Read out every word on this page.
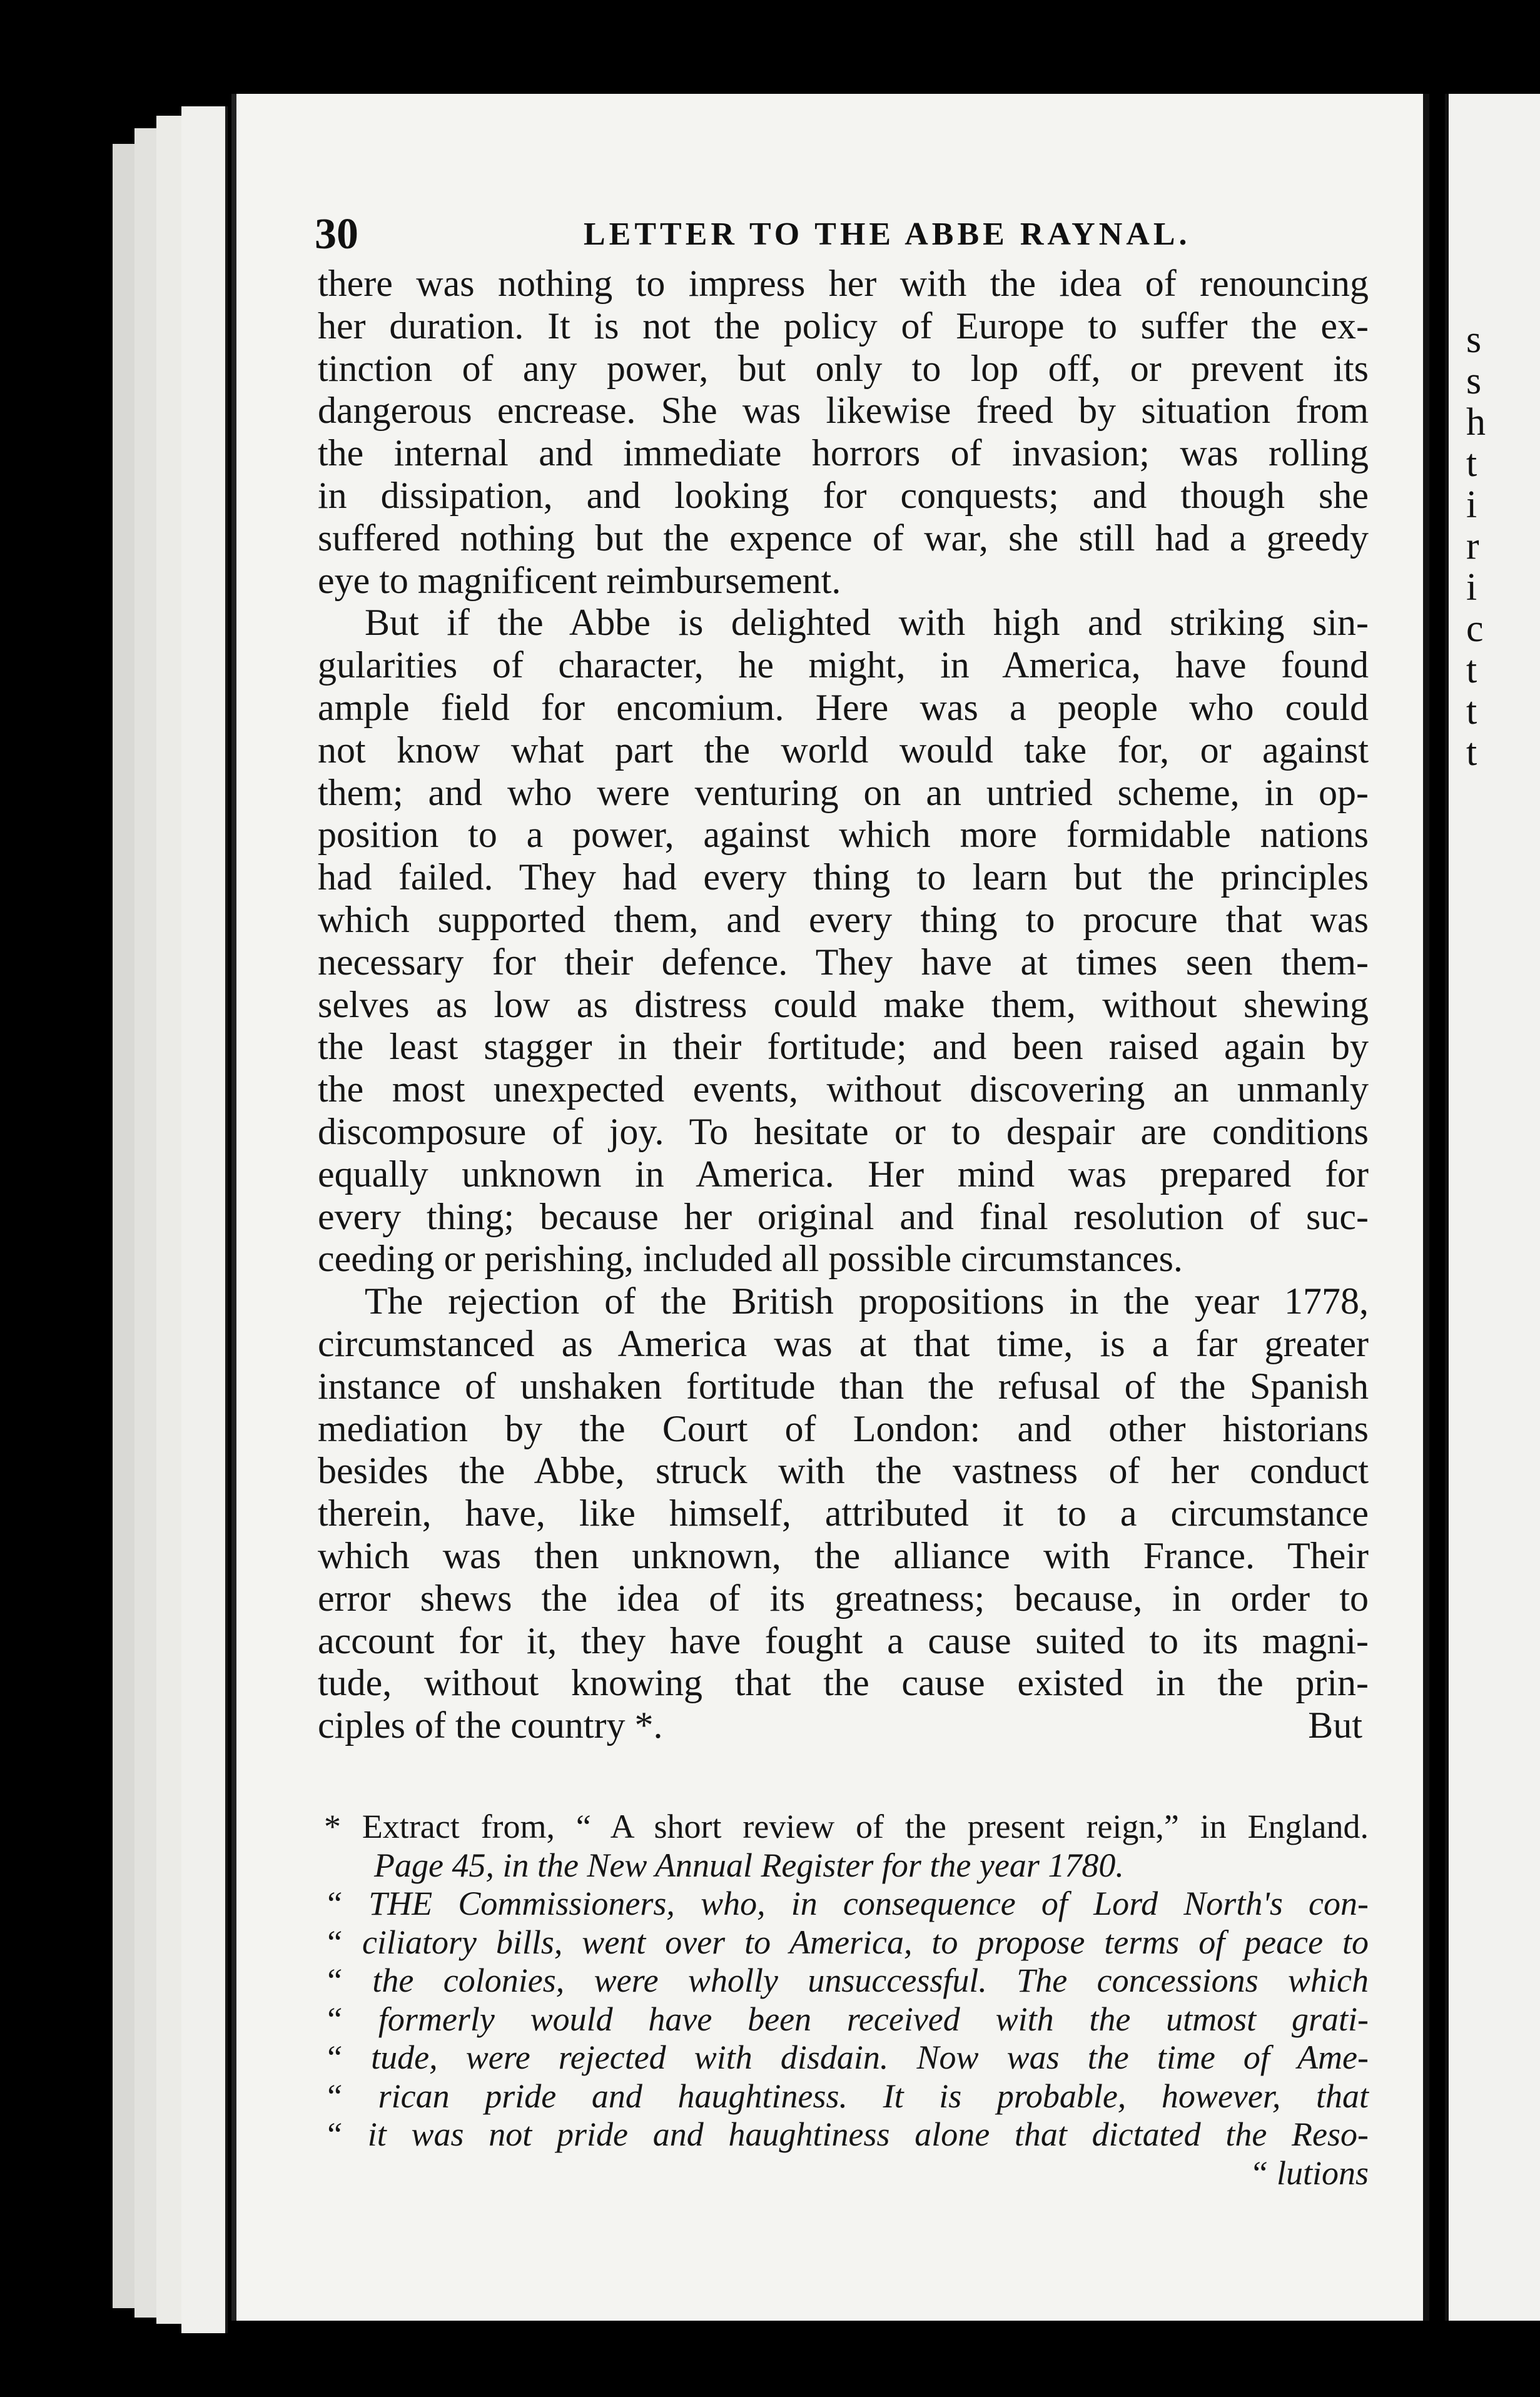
30	LETTER TO THE ABBE RAYNAL.
there was nothing to impress her with the idea of renouncing
her duration. It is not the policy of Europe to suffer the ex-
tinction of any power, but only to lop off, or prevent its
dangerous encrease. She was likewise freed by situation from
the internal and immediate horrors of invasion; was rolling
in dissipation, and looking for conquests; and though she
suffered nothing but the expence of war, she still had a greedy
eye to magnificent reimbursement.
But if the Abbe is delighted with high and striking sin-
gularities of character, he might, in America, have found
ample field for encomium. Here was a people who could
not know what part the world would take for, or against
them; and who were venturing on an untried scheme, in op-
position to a power, against which more formidable nations
had failed. They had every thing to learn but the principles
which supported them, and every thing to procure that was
necessary for their defence. They have at times seen them-
selves as low as distress could make them, without shewing
the least stagger in their fortitude; and been raised again by
the most unexpected events, without discovering an unmanly
discomposure of joy. To hesitate or to despair are conditions
equally unknown in America. Her mind was prepared for
every thing; because her original and final resolution of suc-
ceeding or perishing, included all possible circumstances.
The rejection of the British propositions in the year 1778,
circumstanced as America was at that time, is a far greater
instance of unshaken fortitude than the refusal of the Spanish
mediation by the Court of London: and other historians
besides the Abbe, struck with the vastness of her conduct
therein, have, like himself, attributed it to a circumstance
which was then unknown, the alliance with France. Their
error shews the idea of its greatness; because, in order to
account for it, they have fought a cause suited to its magni-
tude, without knowing that the cause existed in the prin-
ciples of the country *.	But
* Extract from, “ A short review of the present reign,” in England.
Page 45, in the New Annual Register for the year 1780.
“ THE Commissioners, who, in consequence of Lord North's con-
“ ciliatory bills, went over to America, to propose terms of peace to
“ the colonies, were wholly unsuccessful. The concessions which
“ formerly would have been received with the utmost grati-
“ tude, were rejected with disdain. Now was the time of Ame-
“ rican pride and haughtiness. It is probable, however, that
“ it was not pride and haughtiness alone that dictated the Reso-
“ lutions
s
s
h
t
i
r
i
c
t
t
t
